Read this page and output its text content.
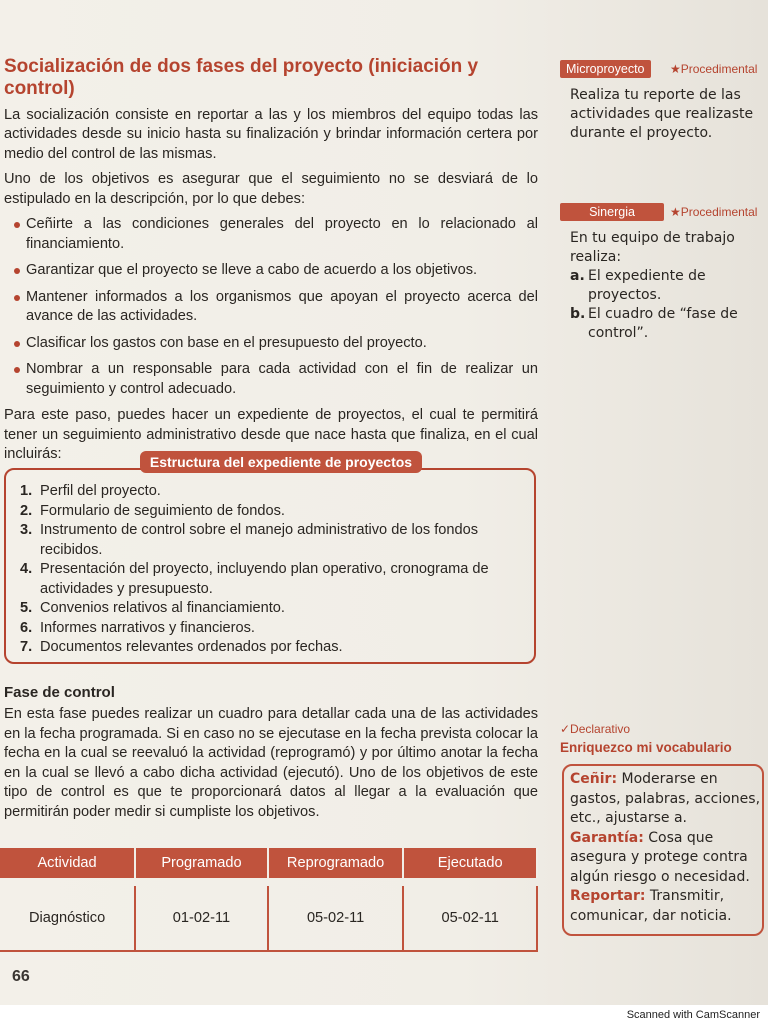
Socialización de dos fases del proyecto (iniciación y control)

La socialización consiste en reportar a las y los miembros del equipo todas las actividades desde su inicio hasta su finalización y brindar información certera por medio del control de las mismas.

Uno de los objetivos es asegurar que el seguimiento no se desviará de lo estipulado en la descripción, por lo que debes:

Ceñirte a las condiciones generales del proyecto en lo relacionado al financiamiento.
Garantizar que el proyecto se lleve a cabo de acuerdo a los objetivos.
Mantener informados a los organismos que apoyan el proyecto acerca del avance de las actividades.
Clasificar los gastos con base en el presupuesto del proyecto.
Nombrar a un responsable para cada actividad con el fin de realizar un seguimiento y control adecuado.

Para este paso, puedes hacer un expediente de proyectos, el cual te permitirá tener un seguimiento administrativo desde que nace hasta que finaliza, en el cual incluirás:	Estructura del expediente de proyectos
1. Perfil del proyecto.
2. Formulario de seguimiento de fondos.
3. Instrumento de control sobre el manejo administrativo de los fondos recibidos.
4. Presentación del proyecto, incluyendo plan operativo, cronograma de actividades y presupuesto.
5. Convenios relativos al financiamiento.
6. Informes narrativos y financieros.
7. Documentos relevantes ordenados por fechas.
Fase de control

En esta fase puedes realizar un cuadro para detallar cada una de las actividades en la fecha programada. Si en caso no se ejecutase en la fecha prevista colocar la fecha en la cual se reevaluó la actividad (reprogramó) y por último anotar la fecha en la cual se llevó a cabo dicha actividad (ejecutó). Uno de los objetivos de este tipo de control es que te proporcionará datos al llegar a la evaluación que permitirán poder medir si cumpliste los objetivos.

Actividad	Programado	Reprogramado	Ejecutado

Diagnóstico	01-02-11	05-02-11	05-02-11
66
Microproyecto	★Procedimental
Realiza tu reporte de las actividades que realizaste durante el proyecto.
Sinergia	★Procedimental
En tu equipo de trabajo realiza:
a. El expediente de proyectos.
b. El cuadro de “fase de control”.
✓Declarativo
Enriquezco mi vocabulario
Ceñir: Moderarse en gastos, palabras, acciones, etc., ajustarse a.
Garantía: Cosa que asegura y protege contra algún riesgo o necesidad.
Reportar: Transmitir, comunicar, dar noticia.
Scanned with CamScanner
